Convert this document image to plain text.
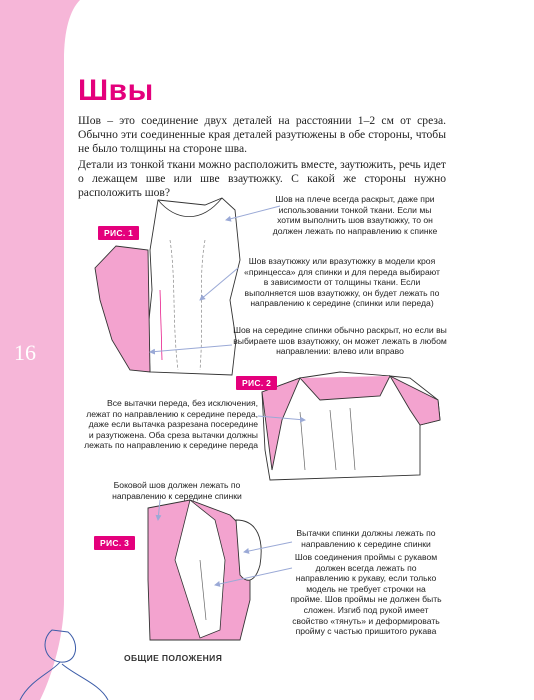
16
Швы

Шов – это соединение двух деталей на расстоянии 1–2 см от среза. Обычно эти соединенные края деталей разутюжены в обе стороны, чтобы не было толщины на стороне шва.

Детали из тонкой ткани можно расположить вместе, заутюжить, речь идет о лежащем шве или шве взаутюжку. С какой же стороны нужно расположить шов?

РИС. 1
Шов на плече всегда раскрыт, даже при использовании тонкой ткани. Если мы хотим выполнить шов взаутюжку, то он должен лежать по направлению к спинке
Шов взаутюжку или вразутюжку в модели кроя «принцесса» для спинки и для переда выбирают в зависимости от толщины ткани. Если выполняется шов взаутюжку, он будет лежать по направлению к середине (спинки или переда)
Шов на середине спинки обычно раскрыт, но если вы выбираете шов взаутюжку, он может лежать в любом направлении: влево или вправо
РИС. 2
Все вытачки переда, без исключения, лежат по направлению к середине переда, даже если вытачка разрезана посередине и разутюжена. Оба среза вытачки должны лежать по направлению к середине переда
РИС. 3
Боковой шов должен лежать по направлению к середине спинки
Вытачки спинки должны лежать по направлению к середине спинки
Шов соединения проймы с рукавом должен всегда лежать по направлению к рукаву, если только модель не требует строчки на пройме. Шов проймы не должен быть сложен. Изгиб под рукой имеет свойство «тянуть» и деформировать пройму с частью пришитого рукава
ОБЩИЕ ПОЛОЖЕНИЯ
